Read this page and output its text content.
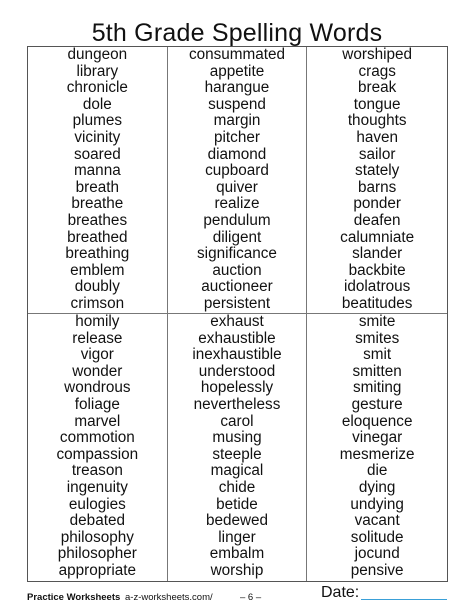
5th Grade Spelling Words
dungeon
library
chronicle
dole
plumes
vicinity
soared
manna
breath
breathe
breathes
breathed
breathing
emblem
doubly
crimson
consummated
appetite
harangue
suspend
margin
pitcher
diamond
cupboard
quiver
realize
pendulum
diligent
significance
auction
auctioneer
persistent
worshiped
crags
break
tongue
thoughts
haven
sailor
stately
barns
ponder
deafen
calumniate
slander
backbite
idolatrous
beatitudes
homily
release
vigor
wonder
wondrous
foliage
marvel
commotion
compassion
treason
ingenuity
eulogies
debated
philosophy
philosopher
appropriate
exhaust
exhaustible
inexhaustible
understood
hopelessly
nevertheless
carol
musing
steeple
magical
chide
betide
bedewed
linger
embalm
worship
smite
smites
smit
smitten
smiting
gesture
eloquence
vinegar
mesmerize
die
dying
undying
vacant
solitude
jocund
pensive
Practice Worksheets a-z-worksheets.com/	– 6 –	Date:
